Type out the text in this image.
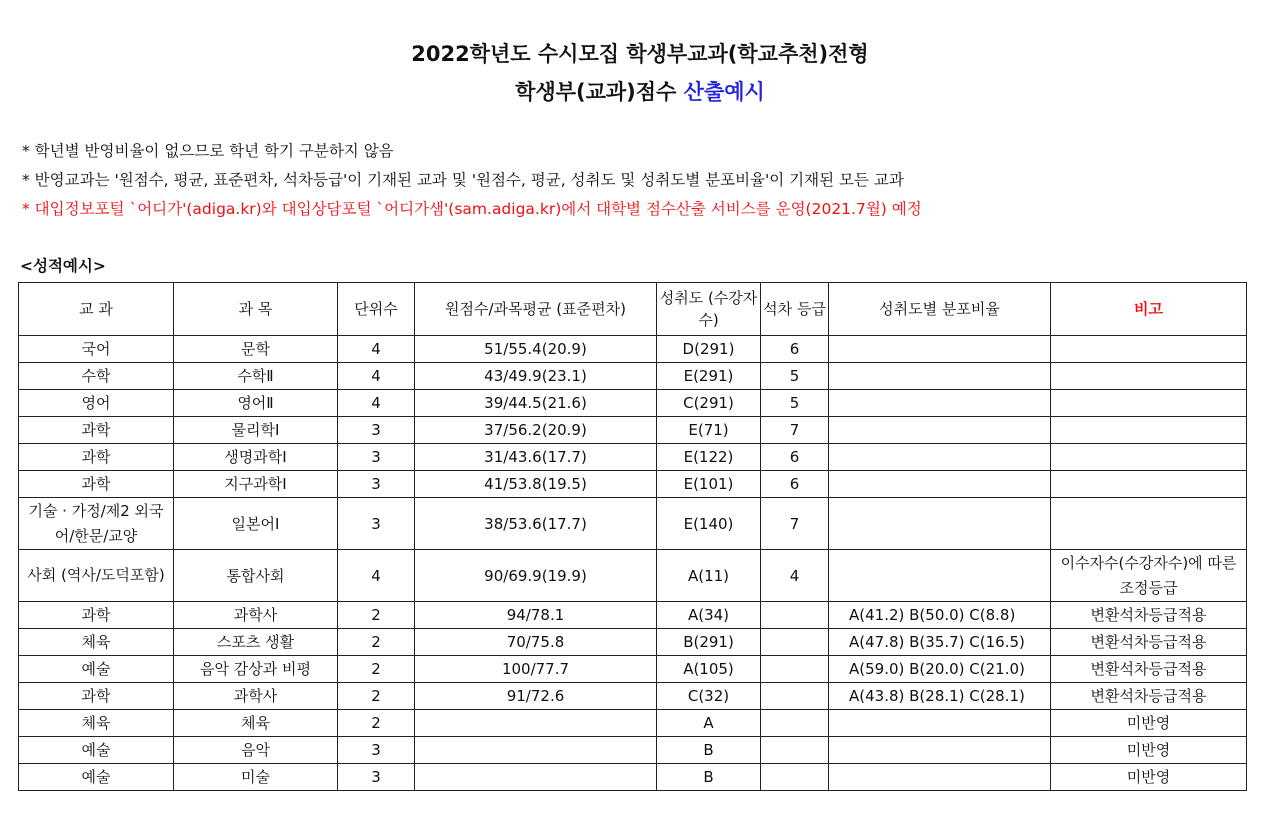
2022학년도 수시모집 학생부교과(학교추천)전형
학생부(교과)점수 산출예시
* 학년별 반영비율이 없으므로 학년 학기 구분하지 않음
* 반영교과는 '원점수, 평균, 표준편차, 석차등급'이 기재된 교과 및 '원점수, 평균, 성취도 및 성취도별 분포비율'이 기재된 모든 교과
* 대입정보포털 `어디가'(adiga.kr)와 대입상담포털 `어디가샘'(sam.adiga.kr)에서 대학별 점수산출 서비스를 운영(2021.7월) 예정
<성적예시>
교 과	과 목	단위수	원점수/과목평균 (표준편차)	성취도 (수강자수)	석차 등급	성취도별 분포비율	비고
국어	문학	4	51/55.4(20.9)	D(291)	6		
수학	수학Ⅱ	4	43/49.9(23.1)	E(291)	5		
영어	영어Ⅱ	4	39/44.5(21.6)	C(291)	5		
과학	물리학Ⅰ	3	37/56.2(20.9)	E(71)	7		
과학	생명과학Ⅰ	3	31/43.6(17.7)	E(122)	6		
과학	지구과학Ⅰ	3	41/53.8(19.5)	E(101)	6		
기술 · 가정/제2 외국어/한문/교양	일본어Ⅰ	3	38/53.6(17.7)	E(140)	7		
사회 (역사/도덕포함)	통합사회	4	90/69.9(19.9)	A(11)	4		이수자수(수강자수)에 따른 조정등급
과학	과학사	2	94/78.1	A(34)		A(41.2) B(50.0) C(8.8)	변환석차등급적용
체육	스포츠 생활	2	70/75.8	B(291)		A(47.8) B(35.7) C(16.5)	변환석차등급적용
예술	음악 감상과 비평	2	100/77.7	A(105)		A(59.0) B(20.0) C(21.0)	변환석차등급적용
과학	과학사	2	91/72.6	C(32)		A(43.8) B(28.1) C(28.1)	변환석차등급적용
체육	체육	2		A			미반영
예술	음악	3		B			미반영
예술	미술	3		B			미반영
